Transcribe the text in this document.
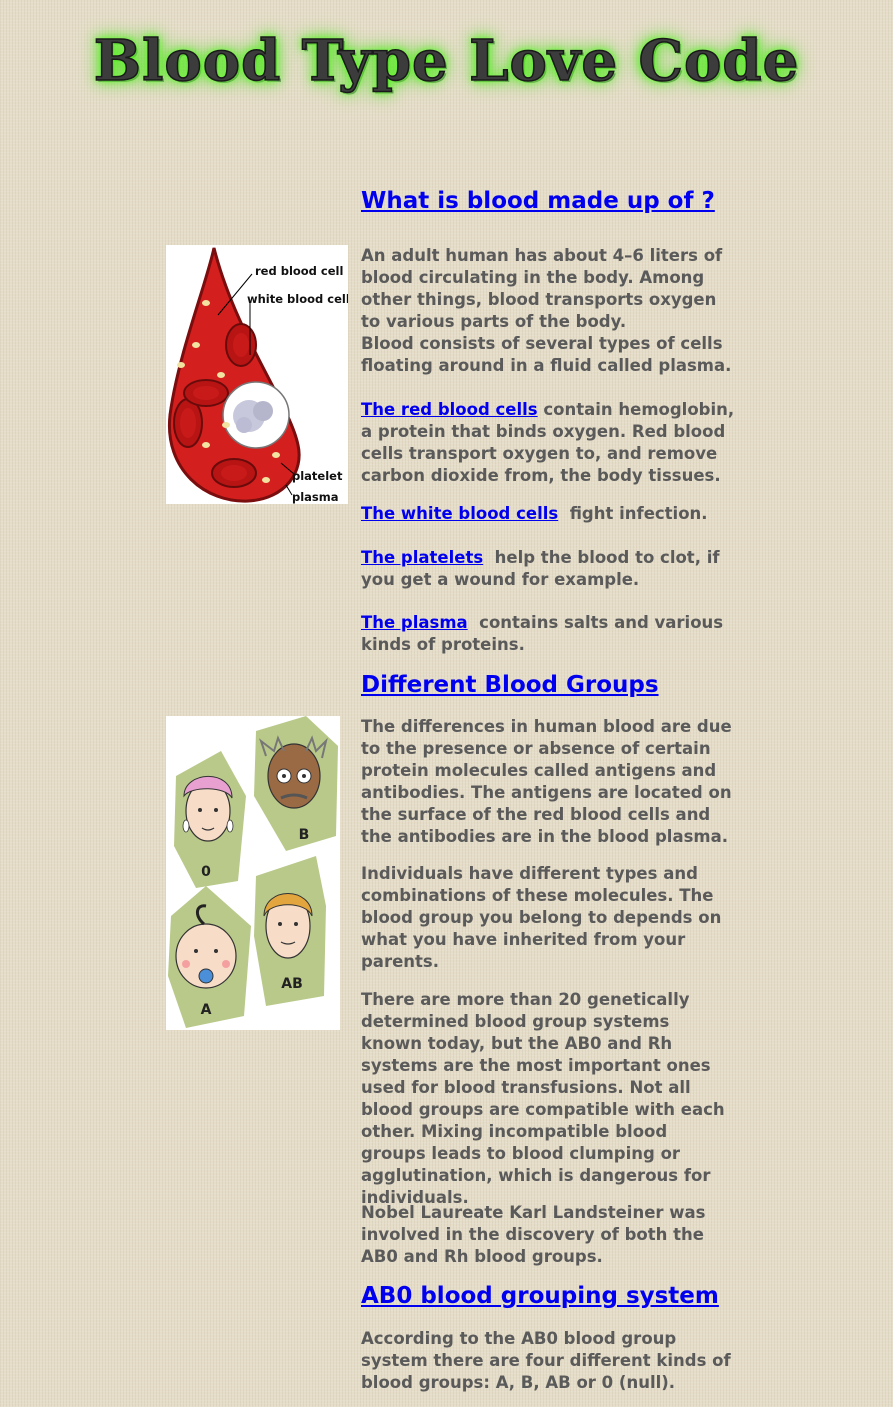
Blood Type Love Code
What is blood made up of ?
red blood cell
white blood cell
platelet
plasma

An adult human has about 4–6 liters of blood circulating in the body. Among other things, blood transports oxygen to various parts of the body.

Blood consists of several types of cells floating around in a fluid called plasma.

The red blood cells contain hemoglobin, a protein that binds oxygen. Red blood cells transport oxygen to, and remove carbon dioxide from, the body tissues.

The white blood cells  fight infection.

The platelets  help the blood to clot, if you get a wound for example.

The plasma  contains salts and various kinds of proteins.

Different Blood Groups
0
B
A
AB

The differences in human blood are due to the presence or absence of certain protein molecules called antigens and antibodies. The antigens are located on the surface of the red blood cells and the antibodies are in the blood plasma.

Individuals have different types and combinations of these molecules. The blood group you belong to depends on what you have inherited from your parents.

There are more than 20 genetically determined blood group systems known today, but the AB0 and Rh systems are the most important ones used for blood transfusions. Not all blood groups are compatible with each other. Mixing incompatible blood groups leads to blood clumping or agglutination, which is dangerous for individuals.

Nobel Laureate Karl Landsteiner was involved in the discovery of both the AB0 and Rh blood groups.

AB0 blood grouping system

According to the AB0 blood group system there are four different kinds of blood groups: A, B, AB or 0 (null).
